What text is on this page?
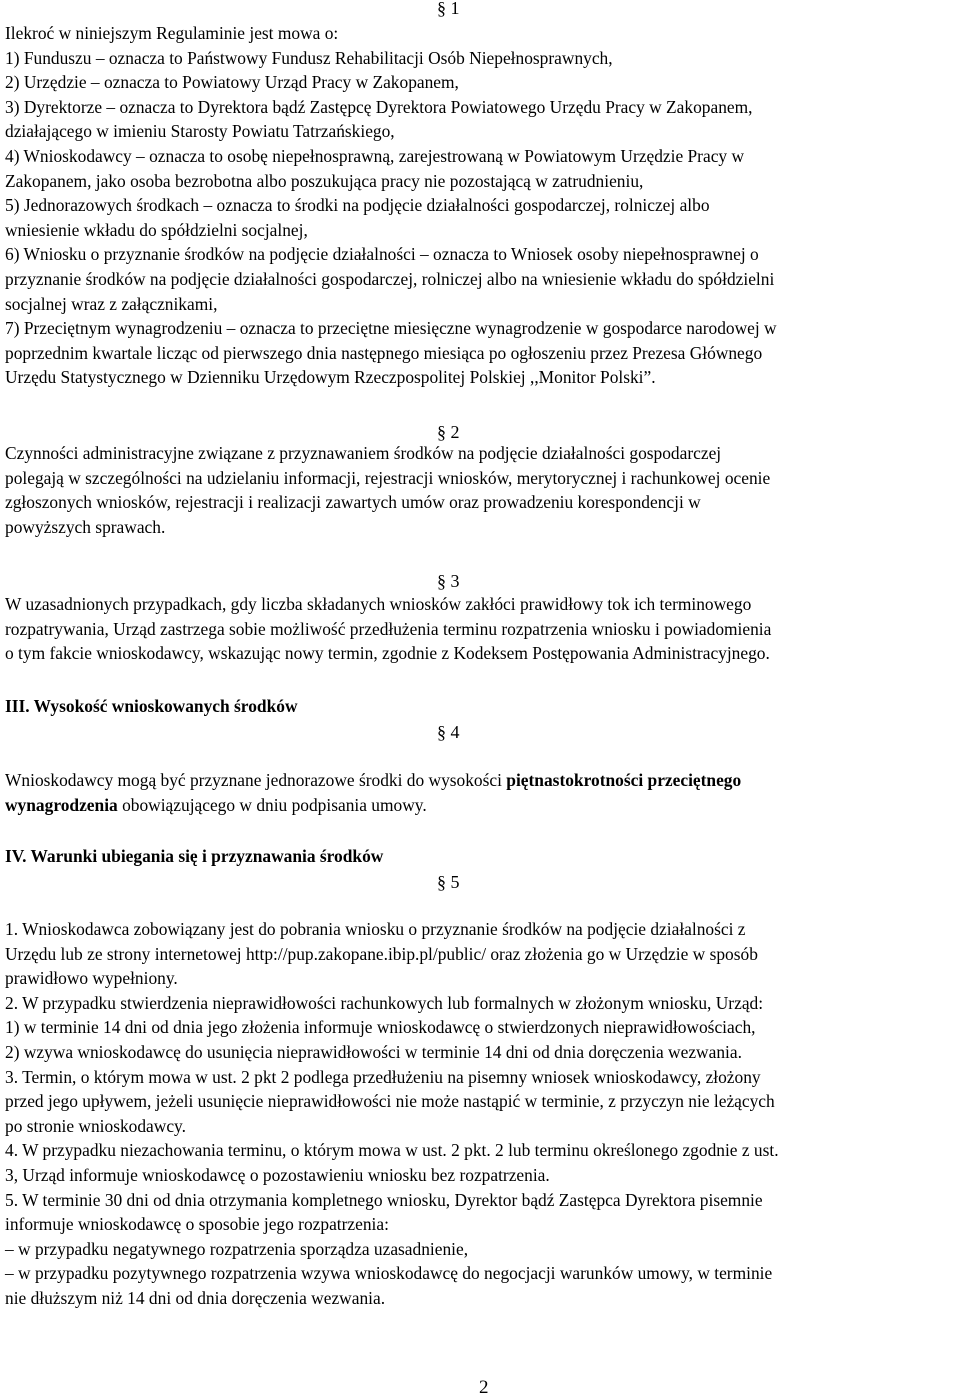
§ 1
Ilekroć w niniejszym Regulaminie jest mowa o:
1) Funduszu – oznacza to Państwowy Fundusz Rehabilitacji Osób Niepełnosprawnych,
2) Urzędzie – oznacza to Powiatowy Urząd Pracy w Zakopanem,
3) Dyrektorze – oznacza to Dyrektora bądź Zastępcę Dyrektora Powiatowego Urzędu Pracy w Zakopanem,
działającego w imieniu Starosty Powiatu Tatrzańskiego,
4) Wnioskodawcy – oznacza to osobę niepełnosprawną, zarejestrowaną w Powiatowym Urzędzie Pracy w
Zakopanem, jako osoba bezrobotna albo poszukująca pracy nie pozostającą w zatrudnieniu,
5) Jednorazowych środkach – oznacza to środki na podjęcie działalności gospodarczej, rolniczej albo
wniesienie wkładu do spółdzielni socjalnej,
6) Wniosku o przyznanie środków na podjęcie działalności – oznacza to Wniosek osoby niepełnosprawnej o
przyznanie środków na podjęcie działalności gospodarczej, rolniczej albo na wniesienie wkładu do spółdzielni
socjalnej wraz z załącznikami,
7) Przeciętnym wynagrodzeniu – oznacza to przeciętne miesięczne wynagrodzenie w gospodarce narodowej w
poprzednim kwartale licząc od pierwszego dnia następnego miesiąca po ogłoszeniu przez Prezesa Głównego
Urzędu Statystycznego w Dzienniku Urzędowym Rzeczpospolitej Polskiej ,,Monitor Polski”.
§ 2
Czynności administracyjne związane z przyznawaniem środków na podjęcie działalności gospodarczej
polegają w szczególności na udzielaniu informacji, rejestracji wniosków, merytorycznej i rachunkowej ocenie
zgłoszonych wniosków, rejestracji i realizacji zawartych umów oraz prowadzeniu korespondencji w
powyższych sprawach.
§ 3
W uzasadnionych przypadkach, gdy liczba składanych wniosków zakłóci prawidłowy tok ich terminowego
rozpatrywania, Urząd zastrzega sobie możliwość przedłużenia terminu rozpatrzenia wniosku i powiadomienia
o tym fakcie wnioskodawcy, wskazując nowy termin, zgodnie z Kodeksem Postępowania Administracyjnego.
III. Wysokość wnioskowanych środków
§ 4
Wnioskodawcy mogą być przyznane jednorazowe środki do wysokości piętnastokrotności przeciętnego
wynagrodzenia obowiązującego w dniu podpisania umowy.
IV. Warunki ubiegania się i przyznawania środków
§ 5
1. Wnioskodawca zobowiązany jest do pobrania wniosku o przyznanie środków na podjęcie działalności z
Urzędu lub ze strony internetowej http://pup.zakopane.ibip.pl/public/ oraz złożenia go w Urzędzie w sposób
prawidłowo wypełniony.
2. W przypadku stwierdzenia nieprawidłowości rachunkowych lub formalnych w złożonym wniosku, Urząd:
1) w terminie 14 dni od dnia jego złożenia informuje wnioskodawcę o stwierdzonych nieprawidłowościach,
2) wzywa wnioskodawcę do usunięcia nieprawidłowości w terminie 14 dni od dnia doręczenia wezwania.
3. Termin, o którym mowa w ust. 2 pkt 2 podlega przedłużeniu na pisemny wniosek wnioskodawcy, złożony
przed jego upływem, jeżeli usunięcie nieprawidłowości nie może nastąpić w terminie, z przyczyn nie leżących
po stronie wnioskodawcy.
4. W przypadku niezachowania terminu, o którym mowa w ust. 2 pkt. 2 lub terminu określonego zgodnie z ust.
3, Urząd informuje wnioskodawcę o pozostawieniu wniosku bez rozpatrzenia.
5. W terminie 30 dni od dnia otrzymania kompletnego wniosku, Dyrektor bądź Zastępca Dyrektora pisemnie
informuje wnioskodawcę o sposobie jego rozpatrzenia:
– w przypadku negatywnego rozpatrzenia sporządza uzasadnienie,
– w przypadku pozytywnego rozpatrzenia wzywa wnioskodawcę do negocjacji warunków umowy, w terminie
nie dłuższym niż 14 dni od dnia doręczenia wezwania.
2
